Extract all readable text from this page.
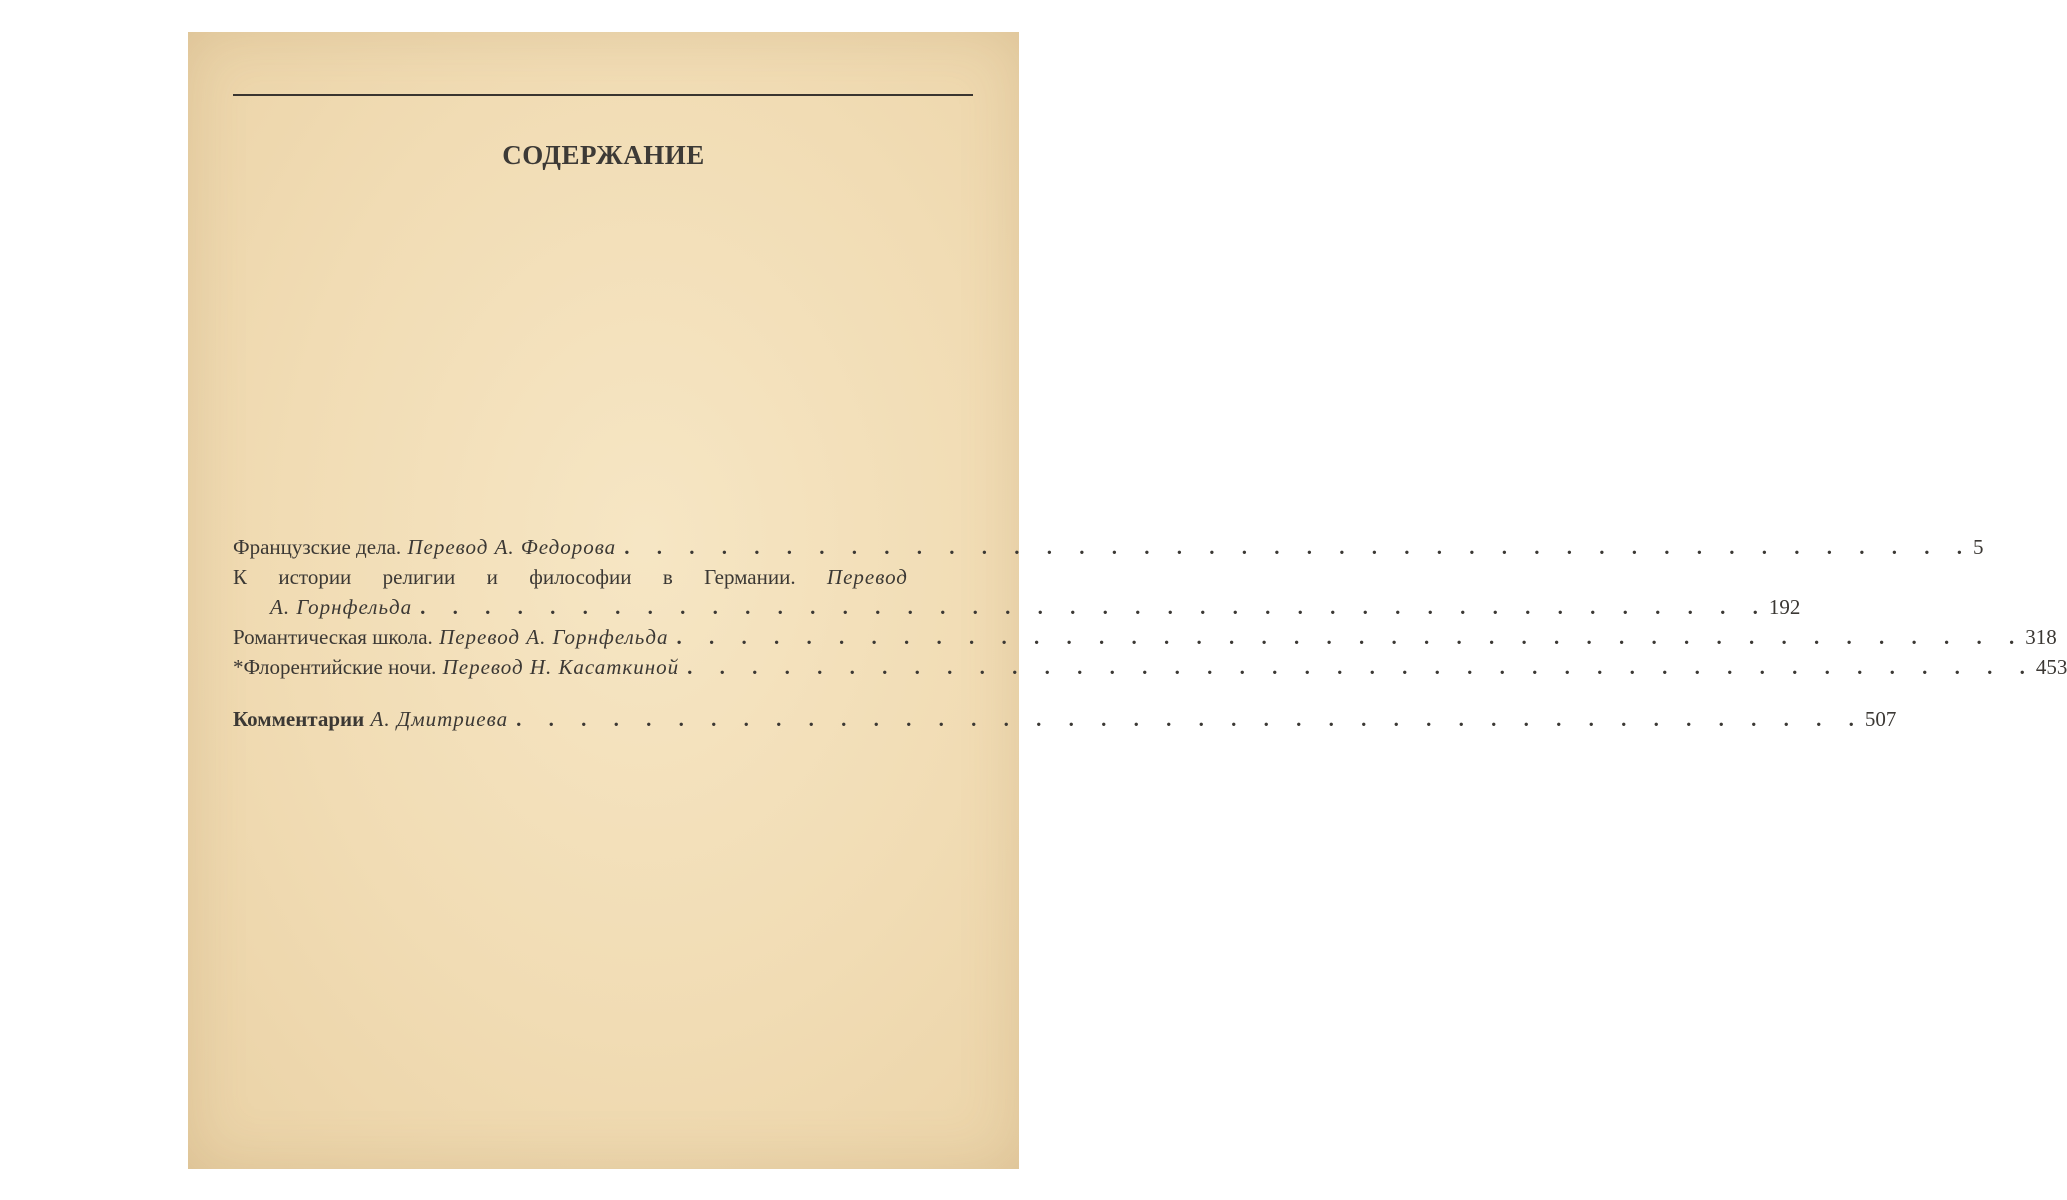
СОДЕРЖАНИЕ
Французские дела. Перевод А. Федорова . . . . . . . . . . . . . . . . . . . . . . . . . . . . . . . . . . . . . . . . . . 5
К истории религии и философии в Германии. Перевод
А. Горнфельда . . . . . . . . . . . . . . . . . . . . . . . . . . . . . . . . . . . . . . . . . . 192
Романтическая школа. Перевод А. Горнфельда . . . . . . . . . . . . . . . . . . . . . . . . . . . . . . . . . . . . . . . . . . 318
*Флорентийские ночи. Перевод Н. Касаткиной . . . . . . . . . . . . . . . . . . . . . . . . . . . . . . . . . . . . . . . . . . 453
Комментарии А. Дмитриева . . . . . . . . . . . . . . . . . . . . . . . . . . . . . . . . . . . . . . . . . . 507
